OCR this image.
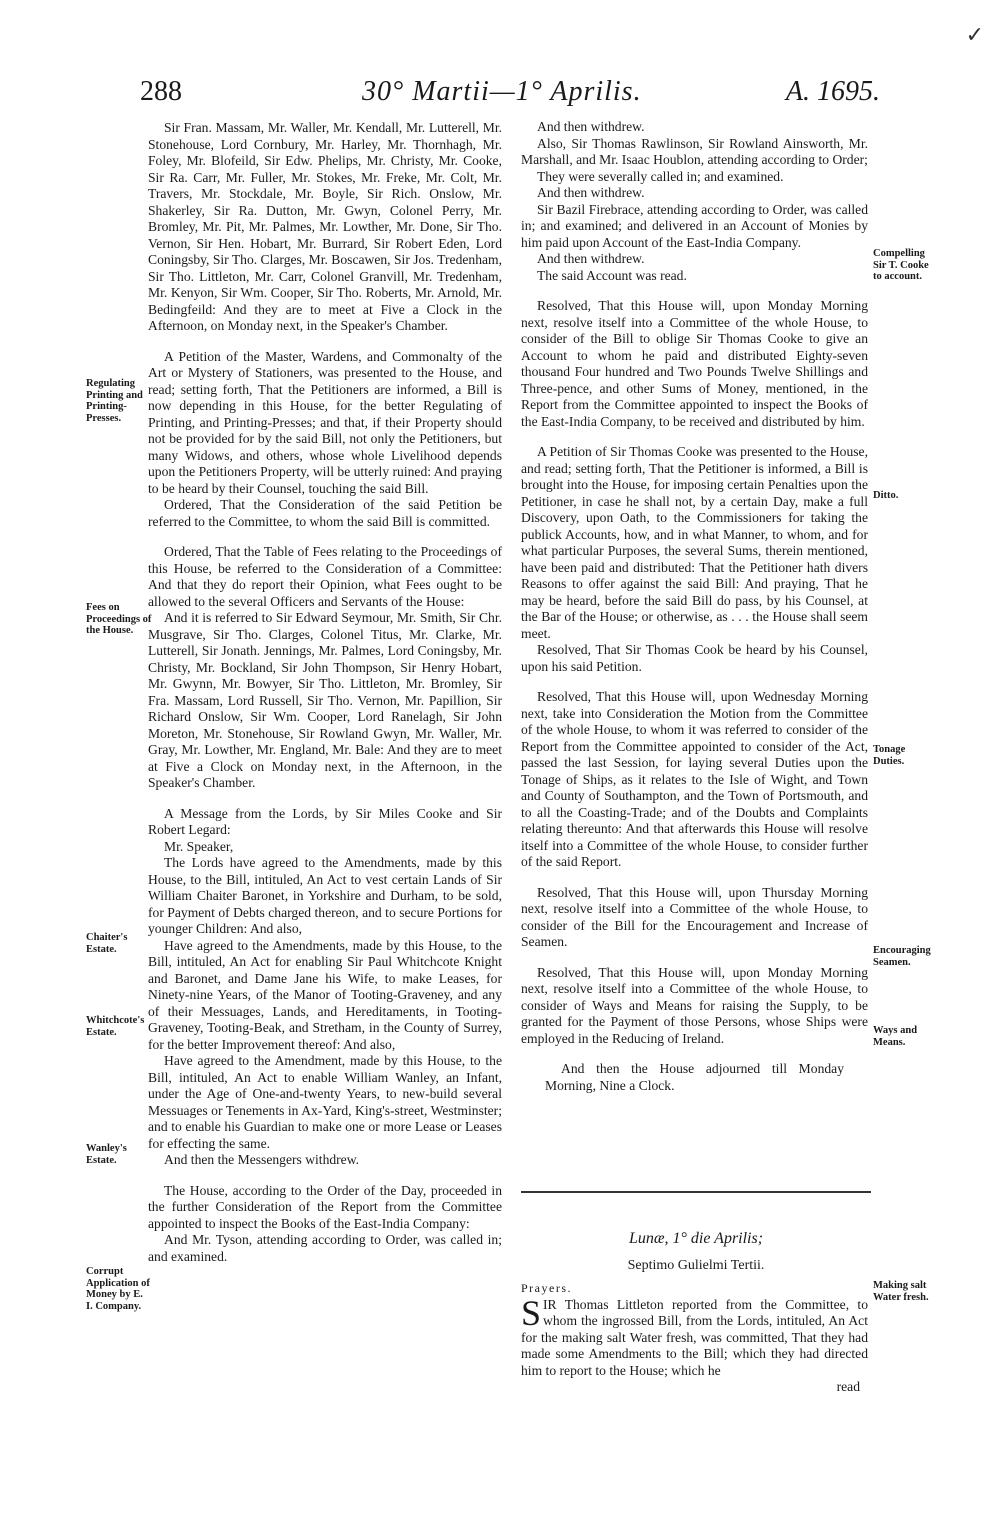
✓
288	30° Martii—1° Aprilis.	A. 1695.
Regulating Printing and Printing-Presses.
Fees on Proceedings of the House.
Chaiter's Estate.
Whitchcote's Estate.
Wanley's Estate.
Corrupt Application of Money by E. I. Company.
Compelling Sir T. Cooke to account.
Ditto.
Tonage Duties.
Encouraging Seamen.
Ways and Means.
Making salt Water fresh.

Sir Fran. Massam, Mr. Waller, Mr. Kendall, Mr. Lutterell, Mr. Stonehouse, Lord Cornbury, Mr. Harley, Mr. Thornhagh, Mr. Foley, Mr. Blofeild, Sir Edw. Phelips, Mr. Christy, Mr. Cooke, Sir Ra. Carr, Mr. Fuller, Mr. Stokes, Mr. Freke, Mr. Colt, Mr. Travers, Mr. Stockdale, Mr. Boyle, Sir Rich. Onslow, Mr. Shakerley, Sir Ra. Dutton, Mr. Gwyn, Colonel Perry, Mr. Bromley, Mr. Pit, Mr. Palmes, Mr. Lowther, Mr. Done, Sir Tho. Vernon, Sir Hen. Hobart, Mr. Burrard, Sir Robert Eden, Lord Coningsby, Sir Tho. Clarges, Mr. Boscawen, Sir Jos. Tredenham, Sir Tho. Littleton, Mr. Carr, Colonel Granvill, Mr. Tredenham, Mr. Kenyon, Sir Wm. Cooper, Sir Tho. Roberts, Mr. Arnold, Mr. Bedingfeild: And they are to meet at Five a Clock in the Afternoon, on Monday next, in the Speaker's Chamber.

A Petition of the Master, Wardens, and Commonalty of the Art or Mystery of Stationers, was presented to the House, and read; setting forth, That the Petitioners are informed, a Bill is now depending in this House, for the better Regulating of Printing, and Printing-Presses; and that, if their Property should not be provided for by the said Bill, not only the Petitioners, but many Widows, and others, whose whole Livelihood depends upon the Petitioners Property, will be utterly ruined: And praying to be heard by their Counsel, touching the said Bill.

Ordered, That the Consideration of the said Petition be referred to the Committee, to whom the said Bill is committed.

Ordered, That the Table of Fees relating to the Proceedings of this House, be referred to the Consideration of a Committee: And that they do report their Opinion, what Fees ought to be allowed to the several Officers and Servants of the House:

And it is referred to Sir Edward Seymour, Mr. Smith, Sir Chr. Musgrave, Sir Tho. Clarges, Colonel Titus, Mr. Clarke, Mr. Lutterell, Sir Jonath. Jennings, Mr. Palmes, Lord Coningsby, Mr. Christy, Mr. Bockland, Sir John Thompson, Sir Henry Hobart, Mr. Gwynn, Mr. Bowyer, Sir Tho. Littleton, Mr. Bromley, Sir Fra. Massam, Lord Russell, Sir Tho. Vernon, Mr. Papillion, Sir Richard Onslow, Sir Wm. Cooper, Lord Ranelagh, Sir John Moreton, Mr. Stonehouse, Sir Rowland Gwyn, Mr. Waller, Mr. Gray, Mr. Lowther, Mr. England, Mr. Bale: And they are to meet at Five a Clock on Monday next, in the Afternoon, in the Speaker's Chamber.

A Message from the Lords, by Sir Miles Cooke and Sir Robert Legard:

Mr. Speaker,

The Lords have agreed to the Amendments, made by this House, to the Bill, intituled, An Act to vest certain Lands of Sir William Chaiter Baronet, in Yorkshire and Durham, to be sold, for Payment of Debts charged thereon, and to secure Portions for younger Children: And also,

Have agreed to the Amendments, made by this House, to the Bill, intituled, An Act for enabling Sir Paul Whitchcote Knight and Baronet, and Dame Jane his Wife, to make Leases, for Ninety-nine Years, of the Manor of Tooting-Graveney, and any of their Messuages, Lands, and Hereditaments, in Tooting-Graveney, Tooting-Beak, and Stretham, in the County of Surrey, for the better Improvement thereof: And also,

Have agreed to the Amendment, made by this House, to the Bill, intituled, An Act to enable William Wanley, an Infant, under the Age of One-and-twenty Years, to new-build several Messuages or Tenements in Ax-Yard, King's-street, Westminster; and to enable his Guardian to make one or more Lease or Leases for effecting the same.

And then the Messengers withdrew.

The House, according to the Order of the Day, proceeded in the further Consideration of the Report from the Committee appointed to inspect the Books of the East-India Company:

And Mr. Tyson, attending according to Order, was called in; and examined.

And then withdrew.

Also, Sir Thomas Rawlinson, Sir Rowland Ainsworth, Mr. Marshall, and Mr. Isaac Houblon, attending according to Order;

They were severally called in; and examined.

And then withdrew.

Sir Bazil Firebrace, attending according to Order, was called in; and examined; and delivered in an Account of Monies by him paid upon Account of the East-India Company.

And then withdrew.

The said Account was read.

Resolved, That this House will, upon Monday Morning next, resolve itself into a Committee of the whole House, to consider of the Bill to oblige Sir Thomas Cooke to give an Account to whom he paid and distributed Eighty-seven thousand Four hundred and Two Pounds Twelve Shillings and Three-pence, and other Sums of Money, mentioned, in the Report from the Committee appointed to inspect the Books of the East-India Company, to be received and distributed by him.

A Petition of Sir Thomas Cooke was presented to the House, and read; setting forth, That the Petitioner is informed, a Bill is brought into the House, for imposing certain Penalties upon the Petitioner, in case he shall not, by a certain Day, make a full Discovery, upon Oath, to the Commissioners for taking the publick Accounts, how, and in what Manner, to whom, and for what particular Purposes, the several Sums, therein mentioned, have been paid and distributed: That the Petitioner hath divers Reasons to offer against the said Bill: And praying, That he may be heard, before the said Bill do pass, by his Counsel, at the Bar of the House; or otherwise, as . . . the House shall seem meet.

Resolved, That Sir Thomas Cook be heard by his Counsel, upon his said Petition.

Resolved, That this House will, upon Wednesday Morning next, take into Consideration the Motion from the Committee of the whole House, to whom it was referred to consider of the Report from the Committee appointed to consider of the Act, passed the last Session, for laying several Duties upon the Tonage of Ships, as it relates to the Isle of Wight, and Town and County of Southampton, and the Town of Portsmouth, and to all the Coasting-Trade; and of the Doubts and Complaints relating thereunto: And that afterwards this House will resolve itself into a Committee of the whole House, to consider further of the said Report.

Resolved, That this House will, upon Thursday Morning next, resolve itself into a Committee of the whole House, to consider of the Bill for the Encouragement and Increase of Seamen.

Resolved, That this House will, upon Monday Morning next, resolve itself into a Committee of the whole House, to consider of Ways and Means for raising the Supply, to be granted for the Payment of those Persons, whose Ships were employed in the Reducing of Ireland.

And then the House adjourned till Monday Morning, Nine a Clock.

Lunæ, 1° die Aprilis;
Septimo Gulielmi Tertii.

Prayers.

SIR Thomas Littleton reported from the Committee, to whom the ingrossed Bill, from the Lords, intituled, An Act for the making salt Water fresh, was committed, That they had made some Amendments to the Bill; which they had directed him to report to the House; which he

read
